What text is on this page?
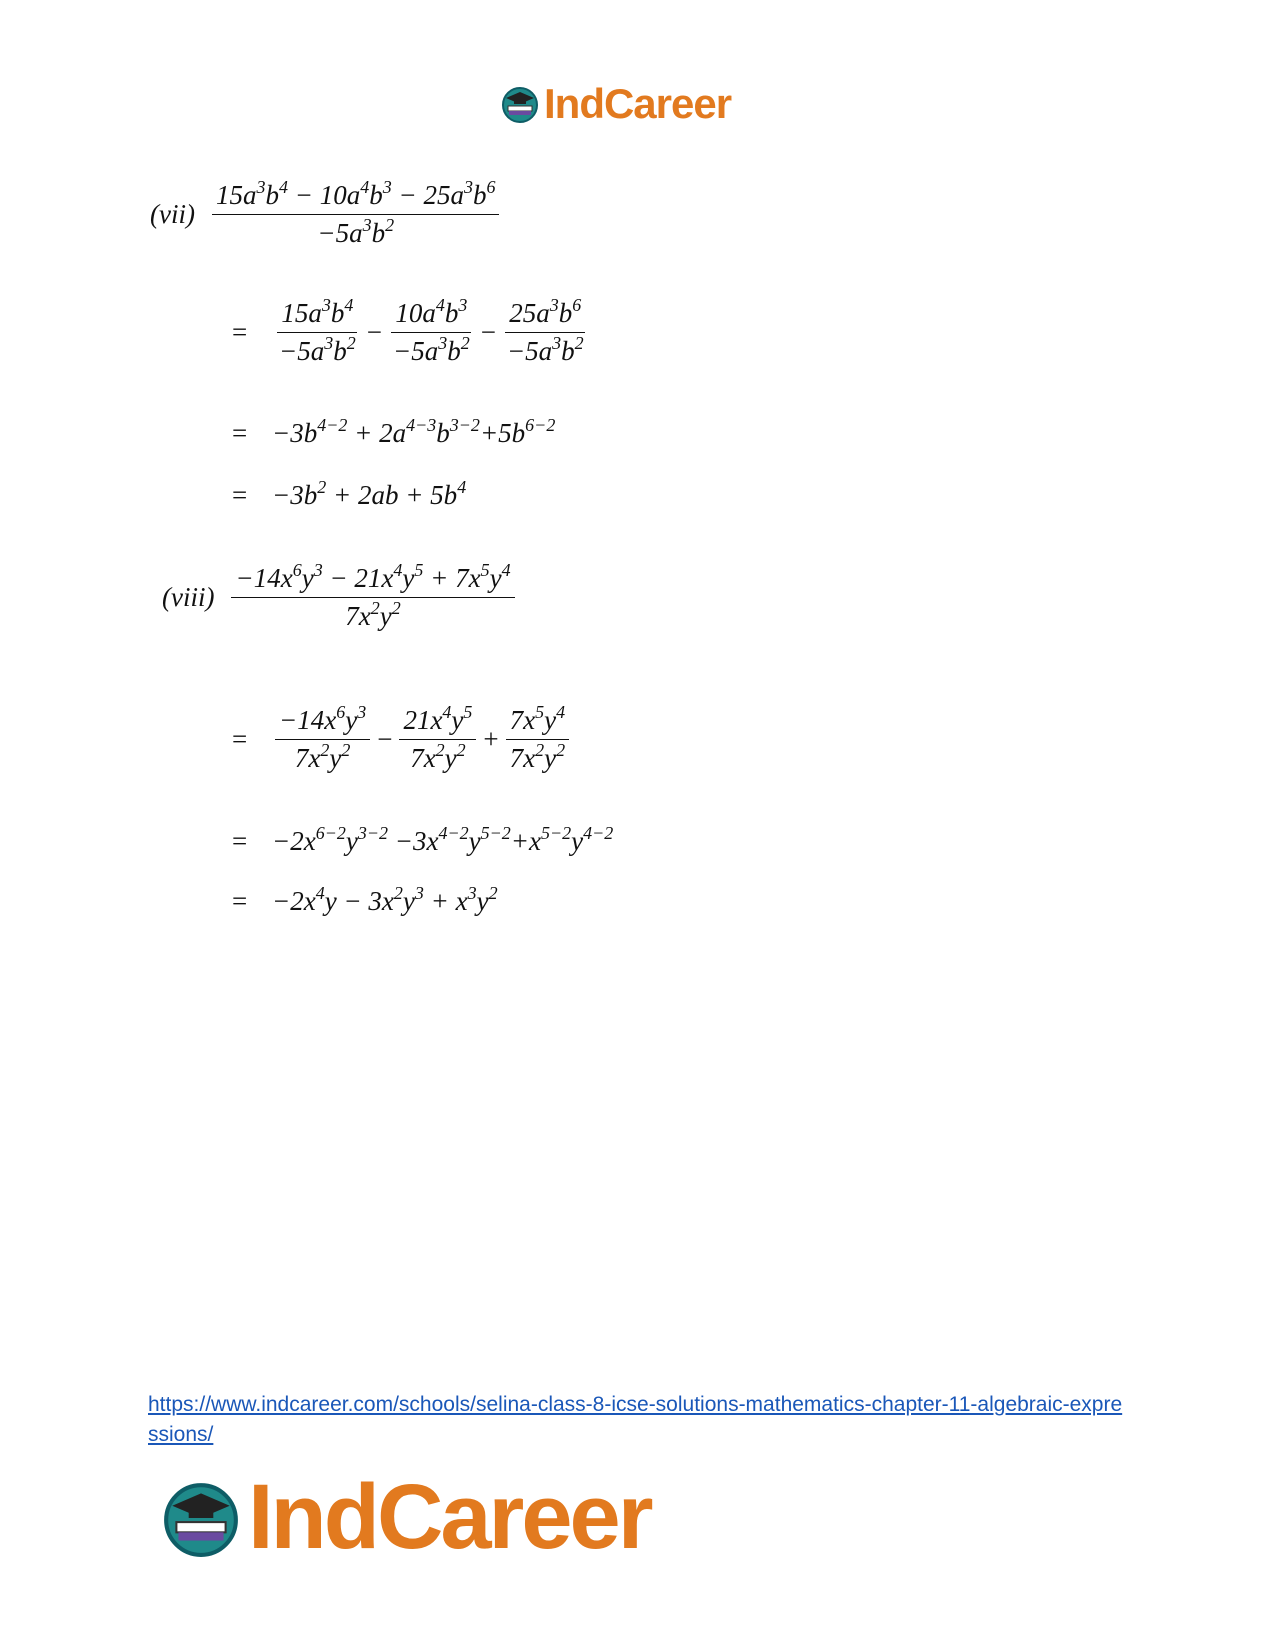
IndCareer
$(vii) \frac{15a^3b^4 - 10a^4b^3 - 25a^3b^6}{-5a^3b^2}$
=	$\frac{15a^3b^4}{-5a^3b^2} - \frac{10a^4b^3}{-5a^3b^2} - \frac{25a^3b^6}{-5a^3b^2}$
= $-3b^{4-2} + 2a^{4-3}b^{3-2}+5b^{6-2}$
= $-3b^2 + 2ab + 5b^4$
(viii) $\frac{-14x^6y^3 - 21x^4y^5 + 7x^5y^4}{7x^2y^2}$
=	$\frac{-14x^6y^3}{7x^2y^2} - \frac{21x^4y^5}{7x^2y^2} + \frac{7x^5y^4}{7x^2y^2}$
= $-2x^{6-2}y^{3-2} -3x^{4-2}y^{5-2}+x^{5-2}y^{4-2}$
= $-2x^4y - 3x^2y^3 + x^3y^2$
https://www.indcareer.com/schools/selina-class-8-icse-solutions-mathematics-chapter-11-algebraic-expressions/
IndCareer
